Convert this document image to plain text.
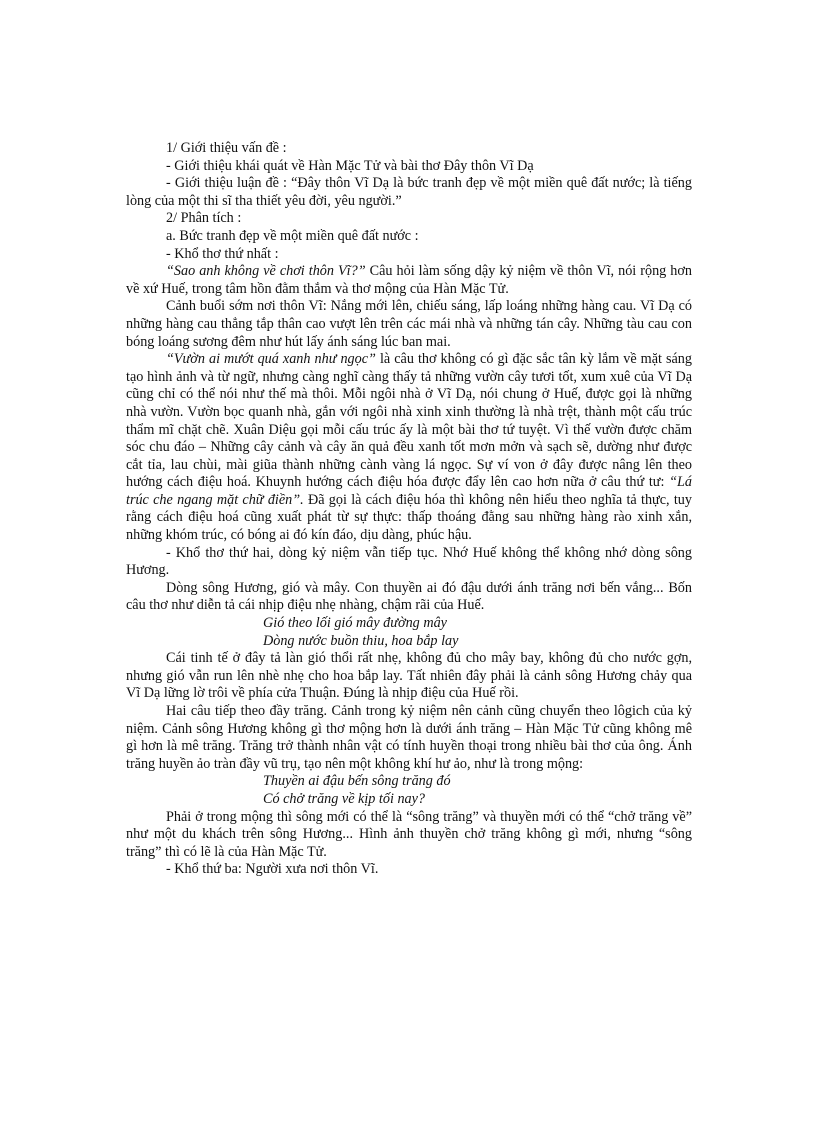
1/ Giới thiệu vấn đề :

- Giới thiệu khái quát về Hàn Mặc Tử và bài thơ Đây thôn Vĩ Dạ

- Giới thiệu luận đề : “Đây thôn Vĩ Dạ là bức tranh đẹp về một miền quê đất nước; là tiếng lòng của một thi sĩ tha thiết yêu đời, yêu người.”

2/ Phân tích :

a. Bức tranh đẹp về một miền quê đất nước :

- Khổ thơ thứ nhất :

“Sao anh không về chơi thôn Vĩ?” Câu hỏi làm sống dậy kỷ niệm về thôn Vĩ, nói rộng hơn về xứ Huế, trong tâm hồn đằm thắm và thơ mộng của Hàn Mặc Tử.

Cảnh buổi sớm nơi thôn Vĩ: Nắng mới lên, chiếu sáng, lấp loáng những hàng cau. Vĩ Dạ có những hàng cau thẳng tắp thân cao vượt lên trên các mái nhà và những tán cây. Những tàu cau con bóng loáng sương đêm như hút lấy ánh sáng lúc ban mai.

“Vườn ai mướt quá xanh như ngọc” là câu thơ không có gì đặc sắc tân kỳ lắm về mặt sáng tạo hình ảnh và từ ngữ, nhưng càng nghĩ càng thấy tả những vườn cây tươi tốt, xum xuê của Vĩ Dạ cũng chỉ có thể nói như thế mà thôi. Mỗi ngôi nhà ở Vĩ Dạ, nói chung ở Huế, được gọi là những nhà vườn. Vườn bọc quanh nhà, gắn với ngôi nhà xinh xinh thường là nhà trệt, thành một cấu trúc thẩm mĩ chặt chẽ. Xuân Diệu gọi mỗi cấu trúc ấy là một bài thơ tứ tuyệt. Vì thế vườn được chăm sóc chu đáo – Những cây cảnh và cây ăn quả đều xanh tốt mơn mởn và sạch sẽ, dường như được cắt tỉa, lau chùi, mài giũa thành những cành vàng lá ngọc. Sự ví von ở đây được nâng lên theo hướng cách điệu hoá. Khuynh hướng cách điệu hóa được đẩy lên cao hơn nữa ở câu thứ tư: “Lá trúc che ngang mặt chữ điền”. Đã gọi là cách điệu hóa thì không nên hiểu theo nghĩa tả thực, tuy rằng cách điệu hoá cũng xuất phát từ sự thực: thấp thoáng đằng sau những hàng rào xinh xắn, những khóm trúc, có bóng ai đó kín đáo, dịu dàng, phúc hậu.

- Khổ thơ thứ hai, dòng kỷ niệm vẫn tiếp tục. Nhớ Huế không thể không nhớ dòng sông Hương.

Dòng sông Hương, gió và mây. Con thuyền ai đó đậu dưới ánh trăng nơi bến vắng... Bốn câu thơ như diễn tả cái nhịp điệu nhẹ nhàng, chậm rãi của Huế.

Gió theo lối gió mây đường mây

Dòng nước buồn thiu, hoa bắp lay

Cái tinh tế ở đây tả làn gió thổi rất nhẹ, không đủ cho mây bay, không đủ cho nước gợn, nhưng gió vẫn run lên nhè nhẹ cho hoa bắp lay. Tất nhiên đây phải là cảnh sông Hương chảy qua Vĩ Dạ lững lờ trôi về phía cửa Thuận. Đúng là nhịp điệu của Huế rồi.

Hai câu tiếp theo đầy trăng. Cảnh trong kỷ niệm nên cảnh cũng chuyển theo lôgich của kỷ niệm. Cảnh sông Hương không gì thơ mộng hơn là dưới ánh trăng – Hàn Mặc Tử cũng không mê gì hơn là mê trăng. Trăng trở thành nhân vật có tính huyền thoại trong nhiều bài thơ của ông. Ánh trăng huyền ảo tràn đầy vũ trụ, tạo nên một không khí hư ảo, như là trong mộng:

Thuyền ai đậu bến sông trăng đó

Có chở trăng về kịp tối nay?

Phải ở trong mộng thì sông mới có thể là “sông trăng” và thuyền mới có thể “chở trăng về” như một du khách trên sông Hương... Hình ảnh thuyền chở trăng không gì mới, nhưng “sông trăng” thì có lẽ là của Hàn Mặc Tử.

- Khổ thứ ba: Người xưa nơi thôn Vĩ.
